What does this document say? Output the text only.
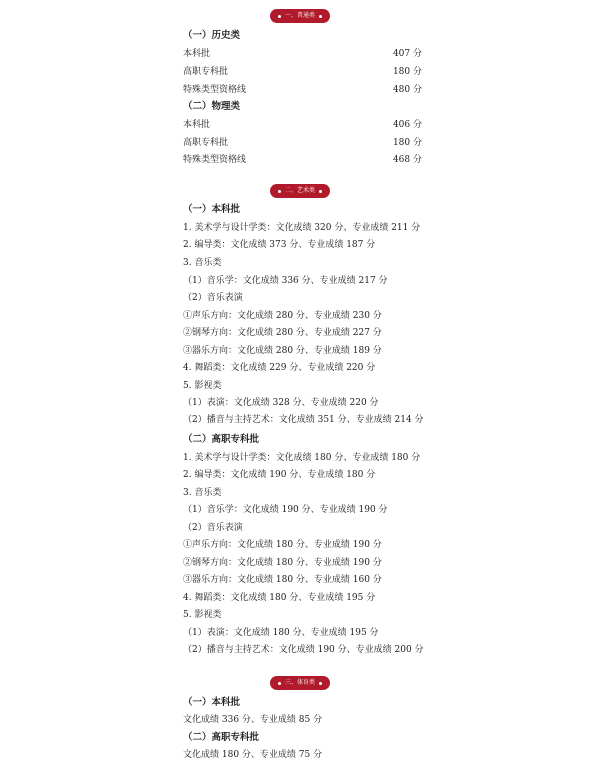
一、普通类
（一）历史类
本科批	407 分
高职专科批	180 分
特殊类型资格线	480 分
（二）物理类
本科批	406 分
高职专科批	180 分
特殊类型资格线	468 分
二、艺术类
（一）本科批
1. 美术学与设计学类：文化成绩 320 分、专业成绩 211 分
2. 编导类：文化成绩 373 分、专业成绩 187 分
3. 音乐类
（1）音乐学：文化成绩 336 分、专业成绩 217 分
（2）音乐表演
①声乐方向：文化成绩 280 分、专业成绩 230 分
②钢琴方向：文化成绩 280 分、专业成绩 227 分
③器乐方向：文化成绩 280 分、专业成绩 189 分
4. 舞蹈类：文化成绩 229 分、专业成绩 220 分
5. 影视类
（1）表演：文化成绩 328 分、专业成绩 220 分
（2）播音与主持艺术：文化成绩 351 分、专业成绩 214 分
（二）高职专科批
1. 美术学与设计学类：文化成绩 180 分、专业成绩 180 分
2. 编导类：文化成绩 190 分、专业成绩 180 分
3. 音乐类
（1）音乐学：文化成绩 190 分、专业成绩 190 分
（2）音乐表演
①声乐方向：文化成绩 180 分、专业成绩 190 分
②钢琴方向：文化成绩 180 分、专业成绩 190 分
③器乐方向：文化成绩 180 分、专业成绩 160 分
4. 舞蹈类：文化成绩 180 分、专业成绩 195 分
5. 影视类
（1）表演：文化成绩 180 分、专业成绩 195 分
（2）播音与主持艺术：文化成绩 190 分、专业成绩 200 分
三、体育类
（一）本科批
文化成绩 336 分、专业成绩 85 分
（二）高职专科批
文化成绩 180 分、专业成绩 75 分
